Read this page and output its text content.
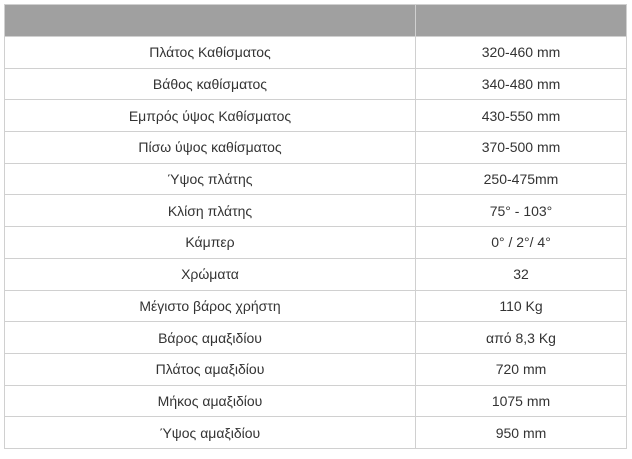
Πλάτος Καθίσματος	320-460 mm
Βάθος καθίσματος	340-480 mm
Εμπρός ύψος Καθίσματος	430-550 mm
Πίσω ύψος καθίσματος	370-500 mm
Ύψος πλάτης	250-475mm
Κλίση πλάτης	75° - 103°
Κάμπερ	0° / 2°/ 4°
Χρώματα	32
Μέγιστο βάρος χρήστη	110 Kg
Βάρος αμαξιδίου	από 8,3 Kg
Πλάτος αμαξιδίου	720 mm
Μήκος αμαξιδίου	1075 mm
Ύψος αμαξιδίου	950 mm
